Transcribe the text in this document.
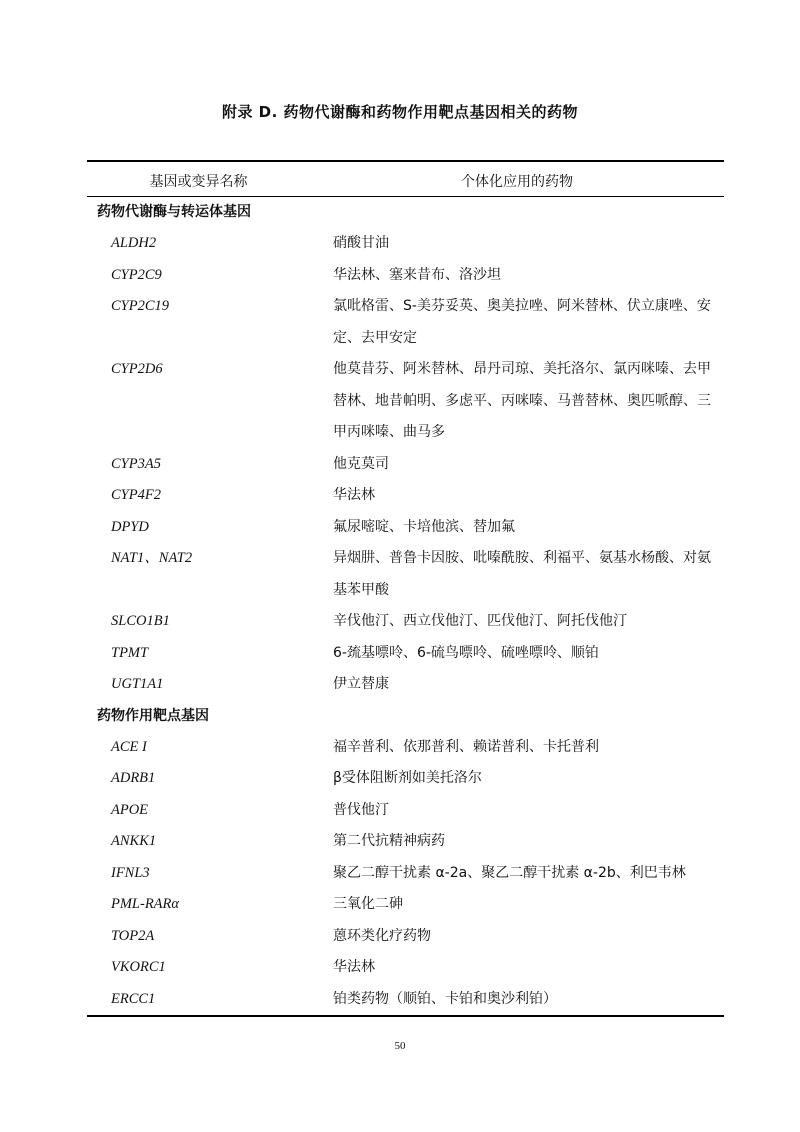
附录 D. 药物代谢酶和药物作用靶点基因相关的药物
基因或变异名称	个体化应用的药物
药物代谢酶与转运体基因
ALDH2	硝酸甘油
CYP2C9	华法林、塞来昔布、洛沙坦
CYP2C19	氯吡格雷、S-美芬妥英、奥美拉唑、阿米替林、伏立康唑、安定、去甲安定
CYP2D6	他莫昔芬、阿米替林、昂丹司琼、美托洛尔、氯丙咪嗪、去甲替林、地昔帕明、多虑平、丙咪嗪、马普替林、奥匹哌醇、三甲丙咪嗪、曲马多
CYP3A5	他克莫司
CYP4F2	华法林
DPYD	氟尿嘧啶、卡培他滨、替加氟
NAT1、NAT2	异烟肼、普鲁卡因胺、吡嗪酰胺、利福平、氨基水杨酸、对氨基苯甲酸
SLCO1B1	辛伐他汀、西立伐他汀、匹伐他汀、阿托伐他汀
TPMT	6-巯基嘌呤、6-硫鸟嘌呤、硫唑嘌呤、顺铂
UGT1A1	伊立替康
药物作用靶点基因
ACE I	福辛普利、依那普利、赖诺普利、卡托普利
ADRB1	β受体阻断剂如美托洛尔
APOE	普伐他汀
ANKK1	第二代抗精神病药
IFNL3	聚乙二醇干扰素 α-2a、聚乙二醇干扰素 α-2b、利巴韦林
PML-RARα	三氧化二砷
TOP2A	蒽环类化疗药物
VKORC1	华法林
ERCC1	铂类药物（顺铂、卡铂和奥沙利铂）
50
